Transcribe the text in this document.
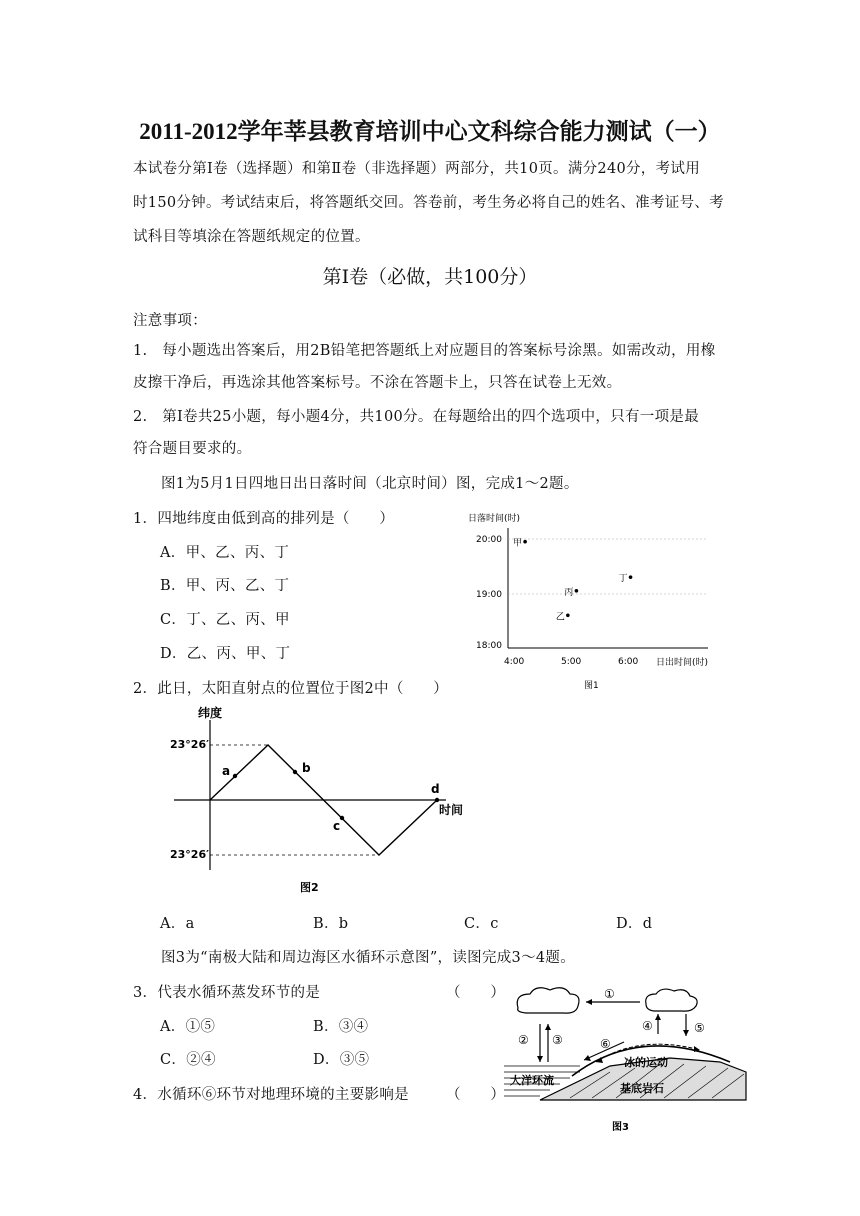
2011-2012学年莘县教育培训中心文科综合能力测试（一）
本试卷分第Ⅰ卷（选择题）和第Ⅱ卷（非选择题）两部分，共10页。满分240分，考试用
时150分钟。考试结束后，将答题纸交回。答卷前，考生务必将自己的姓名、准考证号、考
试科目等填涂在答题纸规定的位置。
第Ⅰ卷（必做，共100分）
注意事项：
1.　每小题选出答案后，用2B铅笔把答题纸上对应题目的答案标号涂黑。如需改动，用橡
皮擦干净后，再选涂其他答案标号。不涂在答题卡上，只答在试卷上无效。
2.　第Ⅰ卷共25小题，每小题4分，共100分。在每题给出的四个选项中，只有一项是最
符合题目要求的。
图1为5月1日四地日出日落时间（北京时间）图，完成1～2题。
1．四地纬度由低到高的排列是（　　）
A．甲、乙、丙、丁
B．甲、丙、乙、丁
C．丁、乙、丙、甲
D．乙、丙、甲、丁
日落时间(时)
20:00
19:00
18:00
4:00	5:00	6:00 日出时间(时)
甲
丙
乙
丁
图1
2．此日，太阳直射点的位置位于图2中（　　）
纬度
23°26′
23°26′
a	b
c
d
时间
图2
A．a	B．b	C．c	D．d
图3为“南极大陆和周边海区水循环示意图”，读图完成3～4题。
3．代表水循环蒸发环节的是	（　　）
A．①⑤	B．③④
C．②④	D．③⑤
4．水循环⑥环节对地理环境的主要影响是	（　　）
①
② ③
④	⑤
⑥
冰的运动
大洋环流
基底岩石
图3
